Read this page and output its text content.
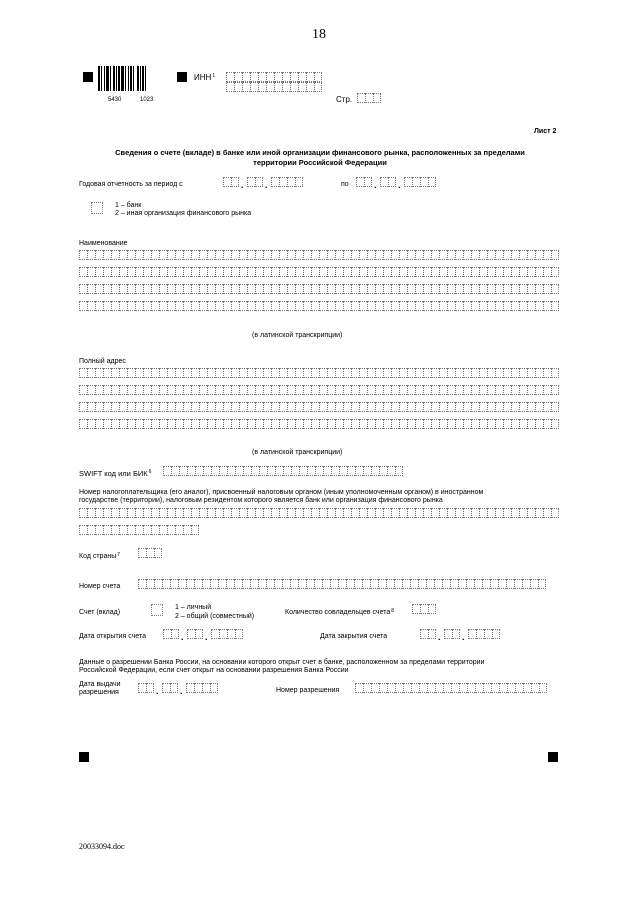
18
5430	1023
ИНН$^1$
Стр.
Лист 2
Сведения о счете (вкладе) в банке или иной организации финансового рынка, расположенных за пределами
территории Российской Федерации
Годовая отчетность за период с	. .	по	. .
1 – банк
2 – иная организация финансового рынка
Наименование
(в латинской транскрипции)
Полный адрес
(в латинской транскрипции)
SWIFT код или БИК$^6$
Номер налогоплательщика (его аналог), присвоенный налоговым органом (иным уполномоченным органом) в иностранном
государстве (территории), налоговым резидентом которого является банк или организация финансового рынка
Код страны$^7$
Номер счета
Счет (вклад)
1 – личный
2 – общий (совместный)
Количество совладельцев счета$^8$
Дата открытия счета	. .	Дата закрытия счета	. .
Данные о разрешении Банка России, на основании которого открыт счет в банке, расположенном за пределами территории
Российской Федерации, если счет открыт на основании разрешения Банка России
Дата выдачи
разрешения	. .	Номер разрешения
20033094.doc
